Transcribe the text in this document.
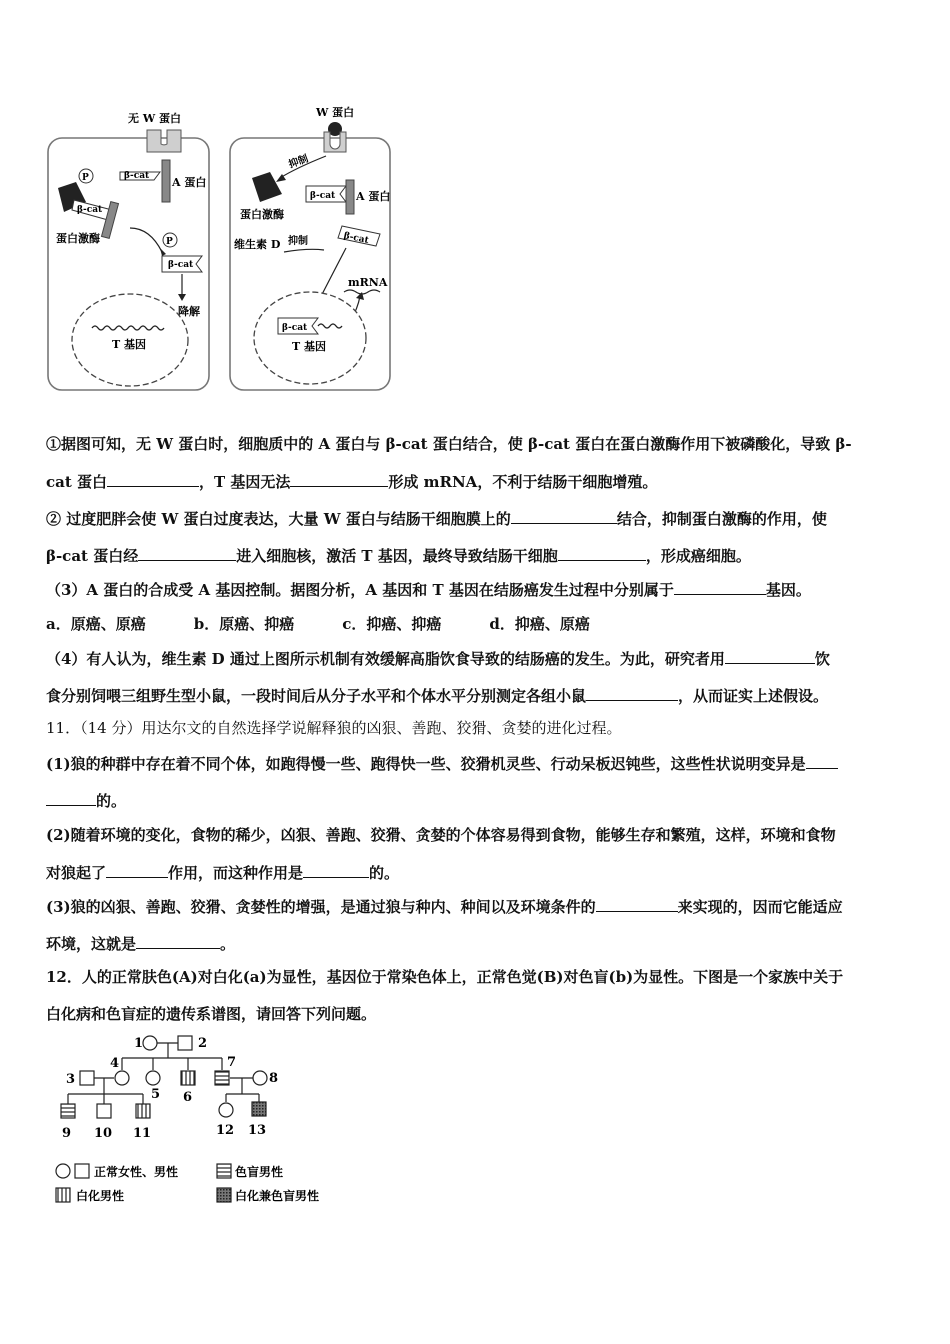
无 W 蛋白
A 蛋白
β-cat
P
β-cat
蛋白激酶	P
β-cat
降解
T 基因
W 蛋白
抑制
蛋白激酶
β-cat A 蛋白
维生素 D 抑制	β-cat
mRNA
β-cat
T 基因
①据图可知，无 W 蛋白时，细胞质中的 A 蛋白与 β-cat 蛋白结合，使 β-cat 蛋白在蛋白激酶作用下被磷酸化，导致 β-
cat 蛋白	，T 基因无法	形成 mRNA，不利于结肠干细胞增殖。
② 过度肥胖会使 W 蛋白过度表达，大量 W 蛋白与结肠干细胞膜上的	结合，抑制蛋白激酶的作用，使
β-cat 蛋白经	进入细胞核，激活 T 基因，最终导致结肠干细胞	，形成癌细胞。
（3）A 蛋白的合成受 A 基因控制。据图分析，A 基因和 T 基因在结肠癌发生过程中分别属于	基因。
a．原癌、原癌	b．原癌、抑癌	c．抑癌、抑癌	d．抑癌、原癌
（4）有人认为，维生素 D 通过上图所示机制有效缓解高脂饮食导致的结肠癌的发生。为此，研究者用	饮
食分别饲喂三组野生型小鼠，一段时间后从分子水平和个体水平分别测定各组小鼠	，从而证实上述假设。
11．（14 分）用达尔文的自然选择学说解释狼的凶狠、善跑、狡猾、贪婪的进化过程。
(1)狼的种群中存在着不同个体，如跑得慢一些、跑得快一些、狡猾机灵些、行动呆板迟钝些，这些性状说明变异是
的。
(2)随着环境的变化，食物的稀少，凶狠、善跑、狡猾、贪婪的个体容易得到食物，能够生存和繁殖，这样，环境和食物
对狼起了	作用，而这种作用是	的。
(3)狼的凶狠、善跑、狡猾、贪婪性的增强，是通过狼与种内、种间以及环境条件的	来实现的，因而它能适应
环境，这就是	。
12．人的正常肤色(A)对白化(a)为显性，基因位于常染色体上，正常色觉(B)对色盲(b)为显性。下图是一个家族中关于
白化病和色盲症的遗传系谱图，请回答下列问题。
1	2
3
4
5 6
7
8
9 10 11	12 13
正常女性、男性	色盲男性
白化男性	白化兼色盲男性
